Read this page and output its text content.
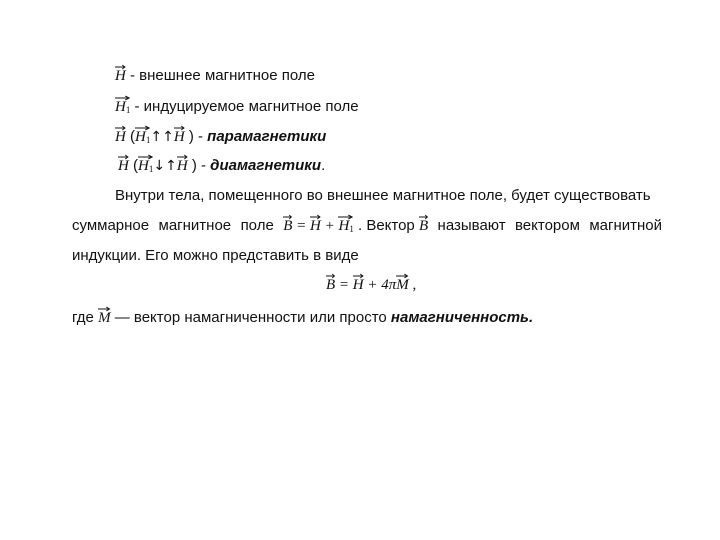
H - внешнее магнитное поле
$H_1$ - индуцируемое магнитное поле
H (
$H_1↑↑$
H ) - парамагнетики
H (
$H_1↓↑$
H ) - диамагнетики.
Внутри тела, помещенного во внешнее магнитное поле, будет существовать
суммарное магнитное поле B =
H +
$H_1$ . Вектор
B называют вектором магнитной
индукции. Его можно представить в виде
B =
H + 4π
M ,
где
M — вектор намагниченности или просто намагниченность.
